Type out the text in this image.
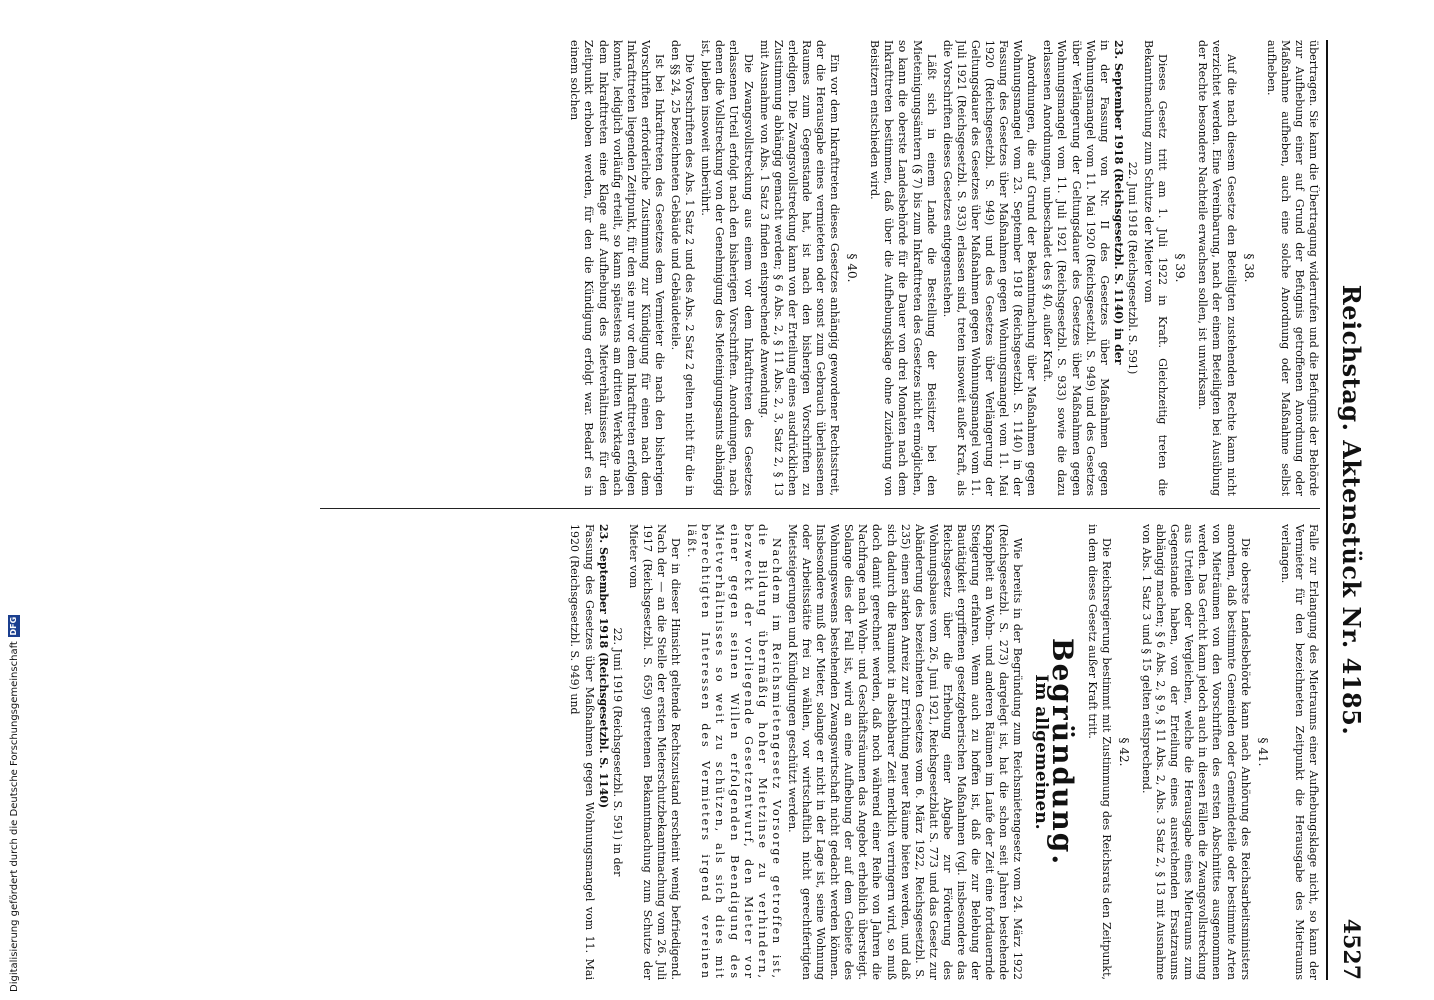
Reichstag. Aktenstück Nr. 4185.
4527

übertragen. Sie kann die Übertragung widerrufen und die Befugnis der Behörde zur Aufhebung einer auf Grund der Befugnis getroffenen Anordnung oder Maßnahme aufheben, auch eine solche Anordnung oder Maßnahme selbst aufheben.

§ 38.

Auf die nach diesem Gesetze den Beteiligten zustehenden Rechte kann nicht verzichtet werden. Eine Vereinbarung, nach der einem Beteiligten bei Ausübung der Rechte besondere Nachteile erwachsen sollen, ist unwirksam.

§ 39.

Dieses Gesetz tritt am 1. Juli 1922 in Kraft. Gleichzeitig treten die Bekanntmachung zum Schutze der Mieter vom

22. Juni 1918 (Reichsgesetzbl. S. 591)
23. September 1918 (Reichsgesetzbl. S. 1140) in der

in der Fassung von Nr. II des Gesetzes über Maßnahmen gegen Wohnungsmangel vom 11. Mai 1920 (Reichsgesetzbl. S. 949) und des Gesetzes über Verlängerung der Geltungsdauer des Gesetzes über Maßnahmen gegen Wohnungsmangel vom 11. Juli 1921 (Reichsgesetzbl. S. 933) sowie die dazu erlassenen Anordnungen, unbeschadet des § 40, außer Kraft.

Anordnungen, die auf Grund der Bekanntmachung über Maßnahmen gegen Wohnungsmangel vom 23. September 1918 (Reichsgesetzbl. S. 1140) in der Fassung des Gesetzes über Maßnahmen gegen Wohnungsmangel vom 11. Mai 1920 (Reichsgesetzbl. S. 949) und des Gesetzes über Verlängerung der Geltungsdauer des Gesetzes über Maßnahmen gegen Wohnungsmangel vom 11. Juli 1921 (Reichsgesetzbl. S. 933) erlassen sind, treten insoweit außer Kraft, als die Vorschriften dieses Gesetzes entgegenstehen.

Läßt sich in einem Lande die Bestellung der Beisitzer bei den Mieteinigungsämtern (§ 7) bis zum Inkrafttreten des Gesetzes nicht ermöglichen, so kann die oberste Landesbehörde für die Dauer von drei Monaten nach dem Inkrafttreten bestimmen, daß über die Aufhebungsklage ohne Zuziehung von Beisitzern entschieden wird.

§ 40.

Ein vor dem Inkrafttreten dieses Gesetzes anhängig gewordener Rechtsstreit, der die Herausgabe eines vermieteten oder sonst zum Gebrauch überlassenen Raumes zum Gegenstande hat, ist nach den bisherigen Vorschriften zu erledigen. Die Zwangsvollstreckung kann von der Erteilung eines ausdrücklichen Zustimmung abhängig gemacht werden; § 6 Abs. 2, § 11 Abs. 2, 3, Satz 2, § 13 mit Ausnahme von Abs. 1 Satz 3 finden entsprechende Anwendung.

Die Zwangsvollstreckung aus einem vor dem Inkrafttreten des Gesetzes erlassenen Urteil erfolgt nach den bisherigen Vorschriften. Anordnungen, nach denen die Vollstreckung von der Genehmigung des Mieteinigungsamts abhängig ist, bleiben insoweit unberührt.

Die Vorschriften des Abs. 1 Satz 2 und des Abs. 2 Satz 2 gelten nicht für die in den §§ 24, 25 bezeichneten Gebäude und Gebäudeteile.

Ist bei Inkrafttreten des Gesetzes dem Vermieter die nach den bisherigen Vorschriften erforderliche Zustimmung zur Kündigung für einen nach dem Inkrafttreten liegenden Zeitpunkt, für den sie nur vor dem Inkrafttreten erfolgen konnte, lediglich vorläufig erteilt, so kann spätestens am dritten Werktage nach dem Inkrafttreten eine Klage auf Aufhebung des Mietverhältnisses für den Zeitpunkt erhoben werden, für den die Kündigung erfolgt war. Bedarf es in einem solchen

Falle zur Erlangung des Mietraums einer Aufhebungsklage nicht, so kann der Vermieter für den bezeichneten Zeitpunkt die Herausgabe des Mietraums verlangen.

§ 41.

Die oberste Landesbehörde kann nach Anhörung des Reichsarbeitsministers anordnen, daß bestimmte Gemeinden oder Gemeindeteile oder bestimmte Arten von Mieträumen von den Vorschriften des ersten Abschnittes ausgenommen werden. Das Gericht kann jedoch auch in diesen Fällen die Zwangsvollstreckung aus Urteilen oder Vergleichen, welche die Herausgabe eines Mietraums zum Gegenstande haben, von der Erteilung eines ausreichenden Ersatzraums abhängig machen; § 6 Abs. 2, § 9, § 11 Abs. 2, Abs. 3 Satz 2, § 13 mit Ausnahme von Abs. 1 Satz 3 und § 15 gelten entsprechend.

§ 42.

Die Reichsregierung bestimmt mit Zustimmung des Reichsrats den Zeitpunkt, in dem dieses Gesetz außer Kraft tritt.

Begründung.
Im allgemeinen.

Wie bereits in der Begründung zum Reichsmietengesetz vom 24. März 1922 (Reichsgesetzbl. S. 273) dargelegt ist, hat die schon seit Jahren bestehende Knappheit an Wohn- und anderen Räumen im Laufe der Zeit eine fortdauernde Steigerung erfahren. Wenn auch zu hoffen ist, daß die zur Belebung der Bautätigkeit ergriffenen gesetzgeberischen Maßnahmen (vgl. insbesondere das Reichsgesetz über die Erhebung einer Abgabe zur Förderung des Wohnungsbaues vom 26. Juni 1921, Reichsgesetzblatt S. 773 und das Gesetz zur Abänderung des bezeichneten Gesetzes vom 6. März 1922, Reichsgesetzbl. S. 235) einen starken Anreiz zur Errichtung neuer Räume bieten werden, und daß sich dadurch die Raumnot in absehbarer Zeit merklich verringern wird, so muß doch damit gerechnet werden, daß noch während einer Reihe von Jahren die Nachfrage nach Wohn- und Geschäftsräumen das Angebot erheblich übersteigt. Solange dies der Fall ist, wird an eine Aufhebung der auf dem Gebiete des Wohnungswesens bestehenden Zwangswirtschaft nicht gedacht werden können. Insbesondere muß der Mieter, solange er nicht in der Lage ist, seine Wohnung oder Arbeitsstätte frei zu wählen, vor wirtschaftlich nicht gerechtfertigten Mietsteigerungen und Kündigungen geschützt werden.

Nachdem im Reichsmietengesetz Vorsorge getroffen ist, die Bildung übermäßig hoher Mietzinse zu verhindern, bezweckt der vorliegende Gesetzentwurf, den Mieter vor einer gegen seinen Willen erfolgenden Beendigung des Mietverhältnisses so weit zu schützen, als sich dies mit berechtigten Interessen des Vermieters irgend vereinen läßt.

Der in dieser Hinsicht geltende Rechtszustand erscheint wenig befriedigend. Nach der — an die Stelle der ersten Mieterschutzbekanntmachung vom 26. Juli 1917 (Reichsgesetzbl. S. 659) getretenen Bekanntmachung zum Schutze der Mieter vom

22. Juni 1919 (Reichsgesetzbl. S. 591) in der
23. September 1918 (Reichsgesetzbl. S. 1140)

Fassung des Gesetzes über Maßnahmen gegen Wohnungsmangel vom 11. Mai 1920 (Reichsgesetzbl. S. 949) und

Digitalisierung gefördert durch die Deutsche Forschungsgemeinschaft
DFG
